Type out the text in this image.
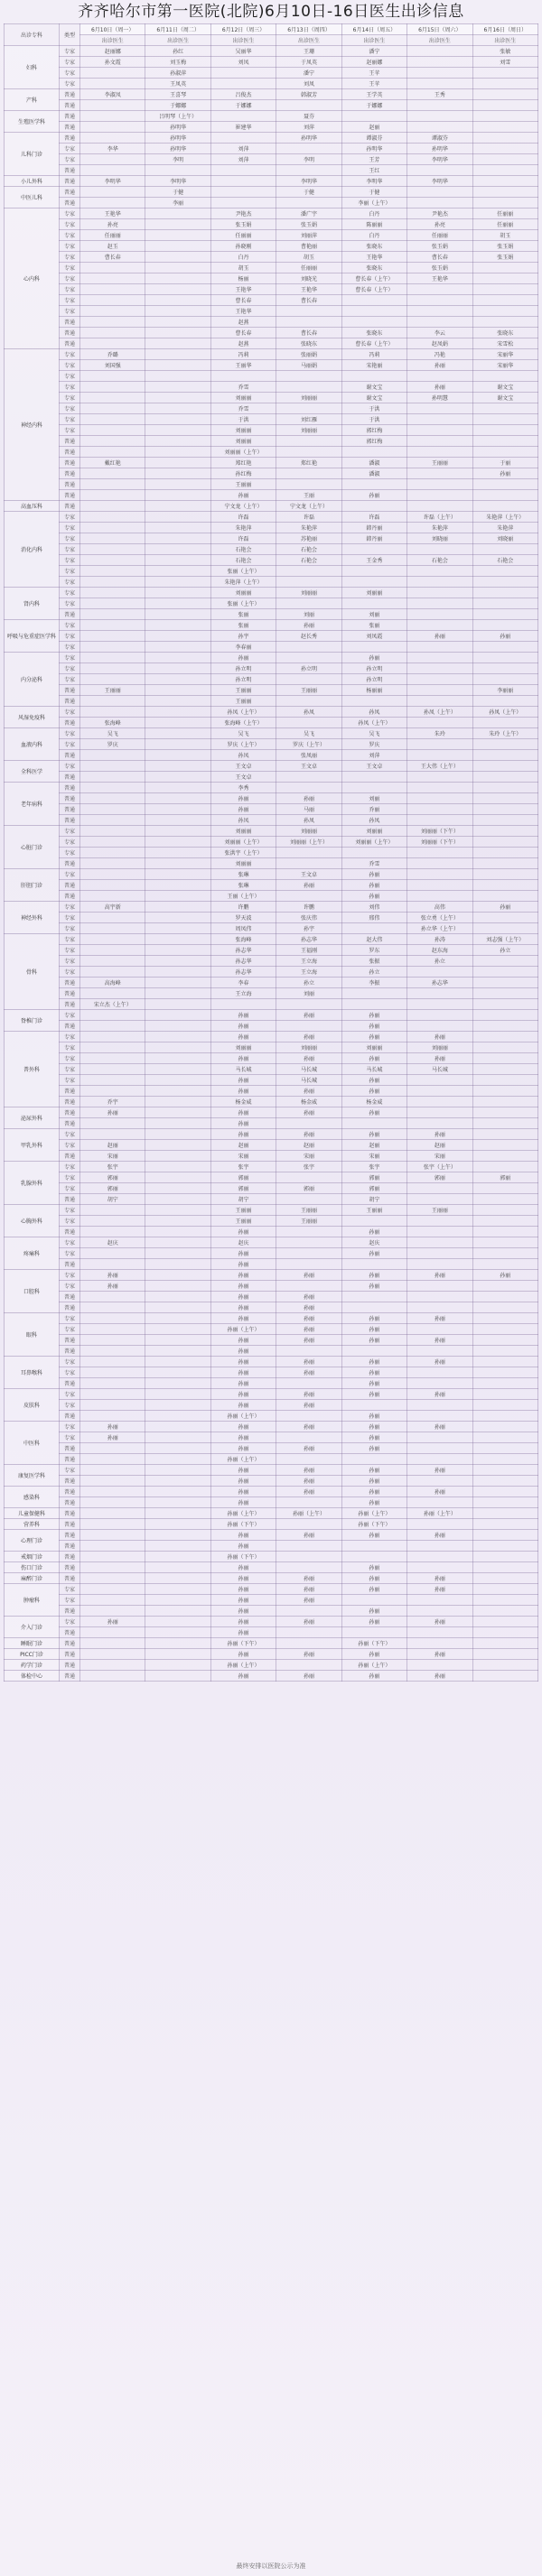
齐齐哈尔市第一医院(北院)6月10日-16日医生出诊信息
出诊专科	类型	6月10日（周一）	6月11日（周二）	6月12日（周三）	6月13日（周四）	6月14日（周五）	6月15日（周六）	6月16日（周日）
		出诊医生	出诊医生	出诊医生	出诊医生	出诊医生	出诊医生	出诊医生
妇科	专家	赵丽娜	孙红	吴丽华	王珊	潘宁		张敏
	专家	孙文霞	刘玉梅	刘凤	于凤英	赵丽娜		刘雪
	专家		孙淑萍		潘宁	王苹		
	专家		王凤英		刘凤	王苹		
产科	普通	李淑凤	王喜琴	吕俊杰	韩淑芳	王学英	王秀	
	普通		于娜娜	于娜娜		于娜娜		
生殖医学科	普通		吕明琴（上午）		聂芬			
	普通		孙明华	崔建华	刘萍	赵丽		
儿科门诊	普通		孙明华		孙明华	谭淑芬	谭淑芬	
	专家	李华	孙明华	刘萍		孙明华	孙明华	
	专家		李明	刘萍	李明	王芳	李明华	
	普通					王红		
小儿外科	普通	李明华	李明华		李明华	李明华	李明华	
中医儿科	普通		于健		于健	于健		
	普通		李丽			李丽（上午）		
心内科	专家	王艳华		尹艳杰	潘广宇	白丹	尹艳杰	任丽丽
	专家	孙亮		张玉娟	张玉娟	陈丽丽	孙亮	任丽丽
	专家	任丽丽		任丽丽	刘丽萍	白丹	任丽丽	胡玉
	专家	赵玉		孙晓刚	曹艳丽	张晓东	张玉娟	张玉娟
	专家	曹长春		白丹	胡玉	王艳华	曹长春	张玉娟
	专家			胡玉	任丽丽	张晓东	张玉娟	
	专家			杨丽	刘晓光	曹长春（上午）	王艳华	
	专家			王艳华	王艳华	曹长春（上午）		
	专家			曹长春	曹长春			
	专家			王艳华				
	普通			赵燕				
	普通			曹长春	曹长春	张晓东	李云	张晓东
	普通			赵燕	张晓东	曹长春（上午）	赵凤娟	宋雪松
神经内科	专家	乔璐		冯莉	张丽娟	冯莉	冯艳	宋丽华
	专家	刘国强		王丽华	马丽娟	宋艳丽	孙丽	宋丽华
	专家							
	专家			乔雪		谢文宝	孙丽	谢文宝
	专家			刘丽丽	刘丽丽	谢文宝	孙明慧	谢文宝
	专家			乔雪		于洪		
	专家			于洪	刘红雁	于洪		
	专家			刘丽丽	刘丽丽	郭红梅		
	普通			刘丽丽		郭红梅		
	普通			刘丽丽（上午）				
	普通	戴红艳		郑红艳	郑红艳	潘淑	王丽丽	于丽
	普通			孙红梅		潘淑		孙丽
	普通			王丽丽				
	普通			孙丽	王丽	孙丽		
高血压科	普通			宁文龙（上午）	宁文龙（上午）			
消化内科	专家			许磊	许磊	许磊	许磊（上午）	朱艳萍（上午）
	专家			朱艳萍	朱艳萍	韩丹丽	朱艳萍	朱艳萍
	专家			许磊	苏艳丽	韩丹丽	刘晓丽	刘晓丽
	专家			石艳会	石艳会			
	专家			石艳会	石艳会	王金秀	石艳会	石艳会
	专家			张丽（上午）				
	专家			朱艳萍（上午）				
肾内科	专家			刘丽丽	刘丽丽	刘丽丽		
	专家			张丽（上午）				
	普通			张丽	刘丽	刘丽		
呼吸与危重症医学科	专家			张丽	孙丽	张丽		
	专家			孙宇	赵长秀	刘凤霞	孙丽	孙丽
	专家			李春丽				
内分泌科	专家			孙丽		孙丽		
	专家			孙立明	孙立明	孙立明		
	专家			孙立明		孙立明		
	普通	王丽丽		王丽丽	王丽丽	杨丽丽		李丽丽
	普通			王丽丽				
风湿免疫科	专家			孙凤（上午）	孙凤	孙凤	孙凤（上午）	孙凤（上午）
	普通	张海峰		张海峰（上午）		孙凤（上午）		
血液内科	专家	吴飞		吴飞	吴飞	吴飞	朱玲	朱玲（上午）
	专家	罗庆		罗庆（上午）	罗庆（上午）	罗庆		
	普通			孙凤	张凤丽	刘萍		
全科医学	专家			王文卓	王文卓	王文卓	王大伟（上午）	
	普通			王文卓				
老年病科	普通			李秀				
	普通			孙丽	孙丽	刘丽		
	普通			孙丽	马丽	乔丽		
	普通			孙凤	孙凤	孙凤		
心脏门诊	专家			刘丽丽	刘丽丽	刘丽丽	刘丽丽（下午）	
	专家			刘丽丽（上午）	刘丽丽（上午）	刘丽丽（上午）	刘丽丽（下午）	
	专家			张洪宇（上午）				
	普通			刘丽丽		乔雪		
肝胆门诊	专家			张琳	王文卓	孙丽		
	普通			张琳	孙丽	孙丽		
	普通			王丽（上午）		孙丽		
神经外科	专家	高宇新		许鹏	许鹏	刘伟	高伟	孙丽
	专家			罗天波	张庆伟	邢伟	张立勇（上午）	
	专家			周凤伟	孙宇		孙立华（上午）	
骨科	专家			张海峰	孙志华	赵大伟	孙涛	刘志强（上午）
	专家			孙志华	王福刚	罗东	赵东海	孙立
	专家			孙志华	王立海	张振	孙立	
	专家			孙志华	王立海	孙立		
	普通	高海峰		李春	孙立	李振	孙志华	
	普通			王立海	刘丽			
	普通	宋立杰（上午）						
脊椎门诊	专家			孙丽	孙丽	孙丽		
	普通			孙丽		孙丽		
普外科	专家			孙丽	孙丽	孙丽	孙丽	
	专家			刘丽丽	刘丽丽	刘丽丽	刘丽丽	
	专家			孙丽	孙丽	孙丽	孙丽	
	专家			马长城	马长城	马长城	马长城	
	专家			孙丽	马长城	孙丽		
	普通			孙丽	孙丽	孙丽		
	普通	乔宇		杨金威	杨金威	杨金威		
泌尿外科	普通	孙丽		孙丽	孙丽	孙丽		
	普通			孙丽				
甲乳外科	专家			孙丽	孙丽	孙丽	孙丽	
	专家	赵丽		赵丽	赵丽	赵丽	赵丽	
	普通	宋丽		宋丽	宋丽	宋丽	宋丽	
乳腺外科	专家	张宇		张宇	张宇	张宇	张宇（上午）	
	专家	郭丽		郭丽		郭丽	郭丽	郭丽
	专家	郭丽		郭丽	郭丽	郭丽		
	普通	胡宁		胡宁		胡宁		
心胸外科	专家			王丽丽	王丽丽	王丽丽	王丽丽	
	专家			王丽丽	王丽丽			
	普通			孙丽		孙丽		
疼痛科	专家	赵庆		赵庆		赵庆		
	专家			孙丽		孙丽		
	普通			孙丽				
口腔科	专家	孙丽		孙丽	孙丽	孙丽	孙丽	孙丽
	专家	孙丽		孙丽		孙丽		
	普通			孙丽	孙丽			
	普通			孙丽	孙丽			
眼科	专家			孙丽	孙丽	孙丽	孙丽	
	专家			孙丽（上午）	孙丽	孙丽		
	普通			孙丽	孙丽	孙丽	孙丽	
	普通			孙丽				
耳鼻喉科	专家			孙丽	孙丽	孙丽	孙丽	
	专家			孙丽	孙丽	孙丽		
	普通			孙丽		孙丽		
皮肤科	专家			孙丽	孙丽	孙丽	孙丽	
	专家			孙丽	孙丽			
	普通			孙丽（上午）		孙丽		
中医科	专家	孙丽		孙丽	孙丽	孙丽	孙丽	
	专家	孙丽		孙丽		孙丽		
	普通			孙丽	孙丽	孙丽		
	普通			孙丽（上午）				
康复医学科	专家			孙丽	孙丽	孙丽	孙丽	
	普通			孙丽	孙丽	孙丽		
感染科	普通			孙丽	孙丽	孙丽	孙丽	
	普通			孙丽		孙丽		
儿童保健科	普通			孙丽（上午）	孙丽（上午）	孙丽（上午）	孙丽（上午）	
营养科	普通			孙丽（下午）		孙丽（下午）		
心理门诊	普通			孙丽	孙丽	孙丽	孙丽	
	普通			孙丽				
戒烟门诊	普通			孙丽（下午）				
伤口门诊	普通			孙丽		孙丽		
麻醉门诊	普通			孙丽	孙丽	孙丽	孙丽	
肿瘤科	专家			孙丽	孙丽	孙丽	孙丽	
	专家			孙丽	孙丽			
	普通			孙丽		孙丽		
介入门诊	专家	孙丽		孙丽	孙丽	孙丽	孙丽	
	普通			孙丽				
睡眠门诊	普通			孙丽（下午）		孙丽（下午）		
PICC门诊	普通			孙丽	孙丽	孙丽	孙丽	
药学门诊	普通			孙丽（上午）		孙丽（上午）		
体检中心	普通			孙丽	孙丽	孙丽	孙丽	
最终安排以医院公示为准
